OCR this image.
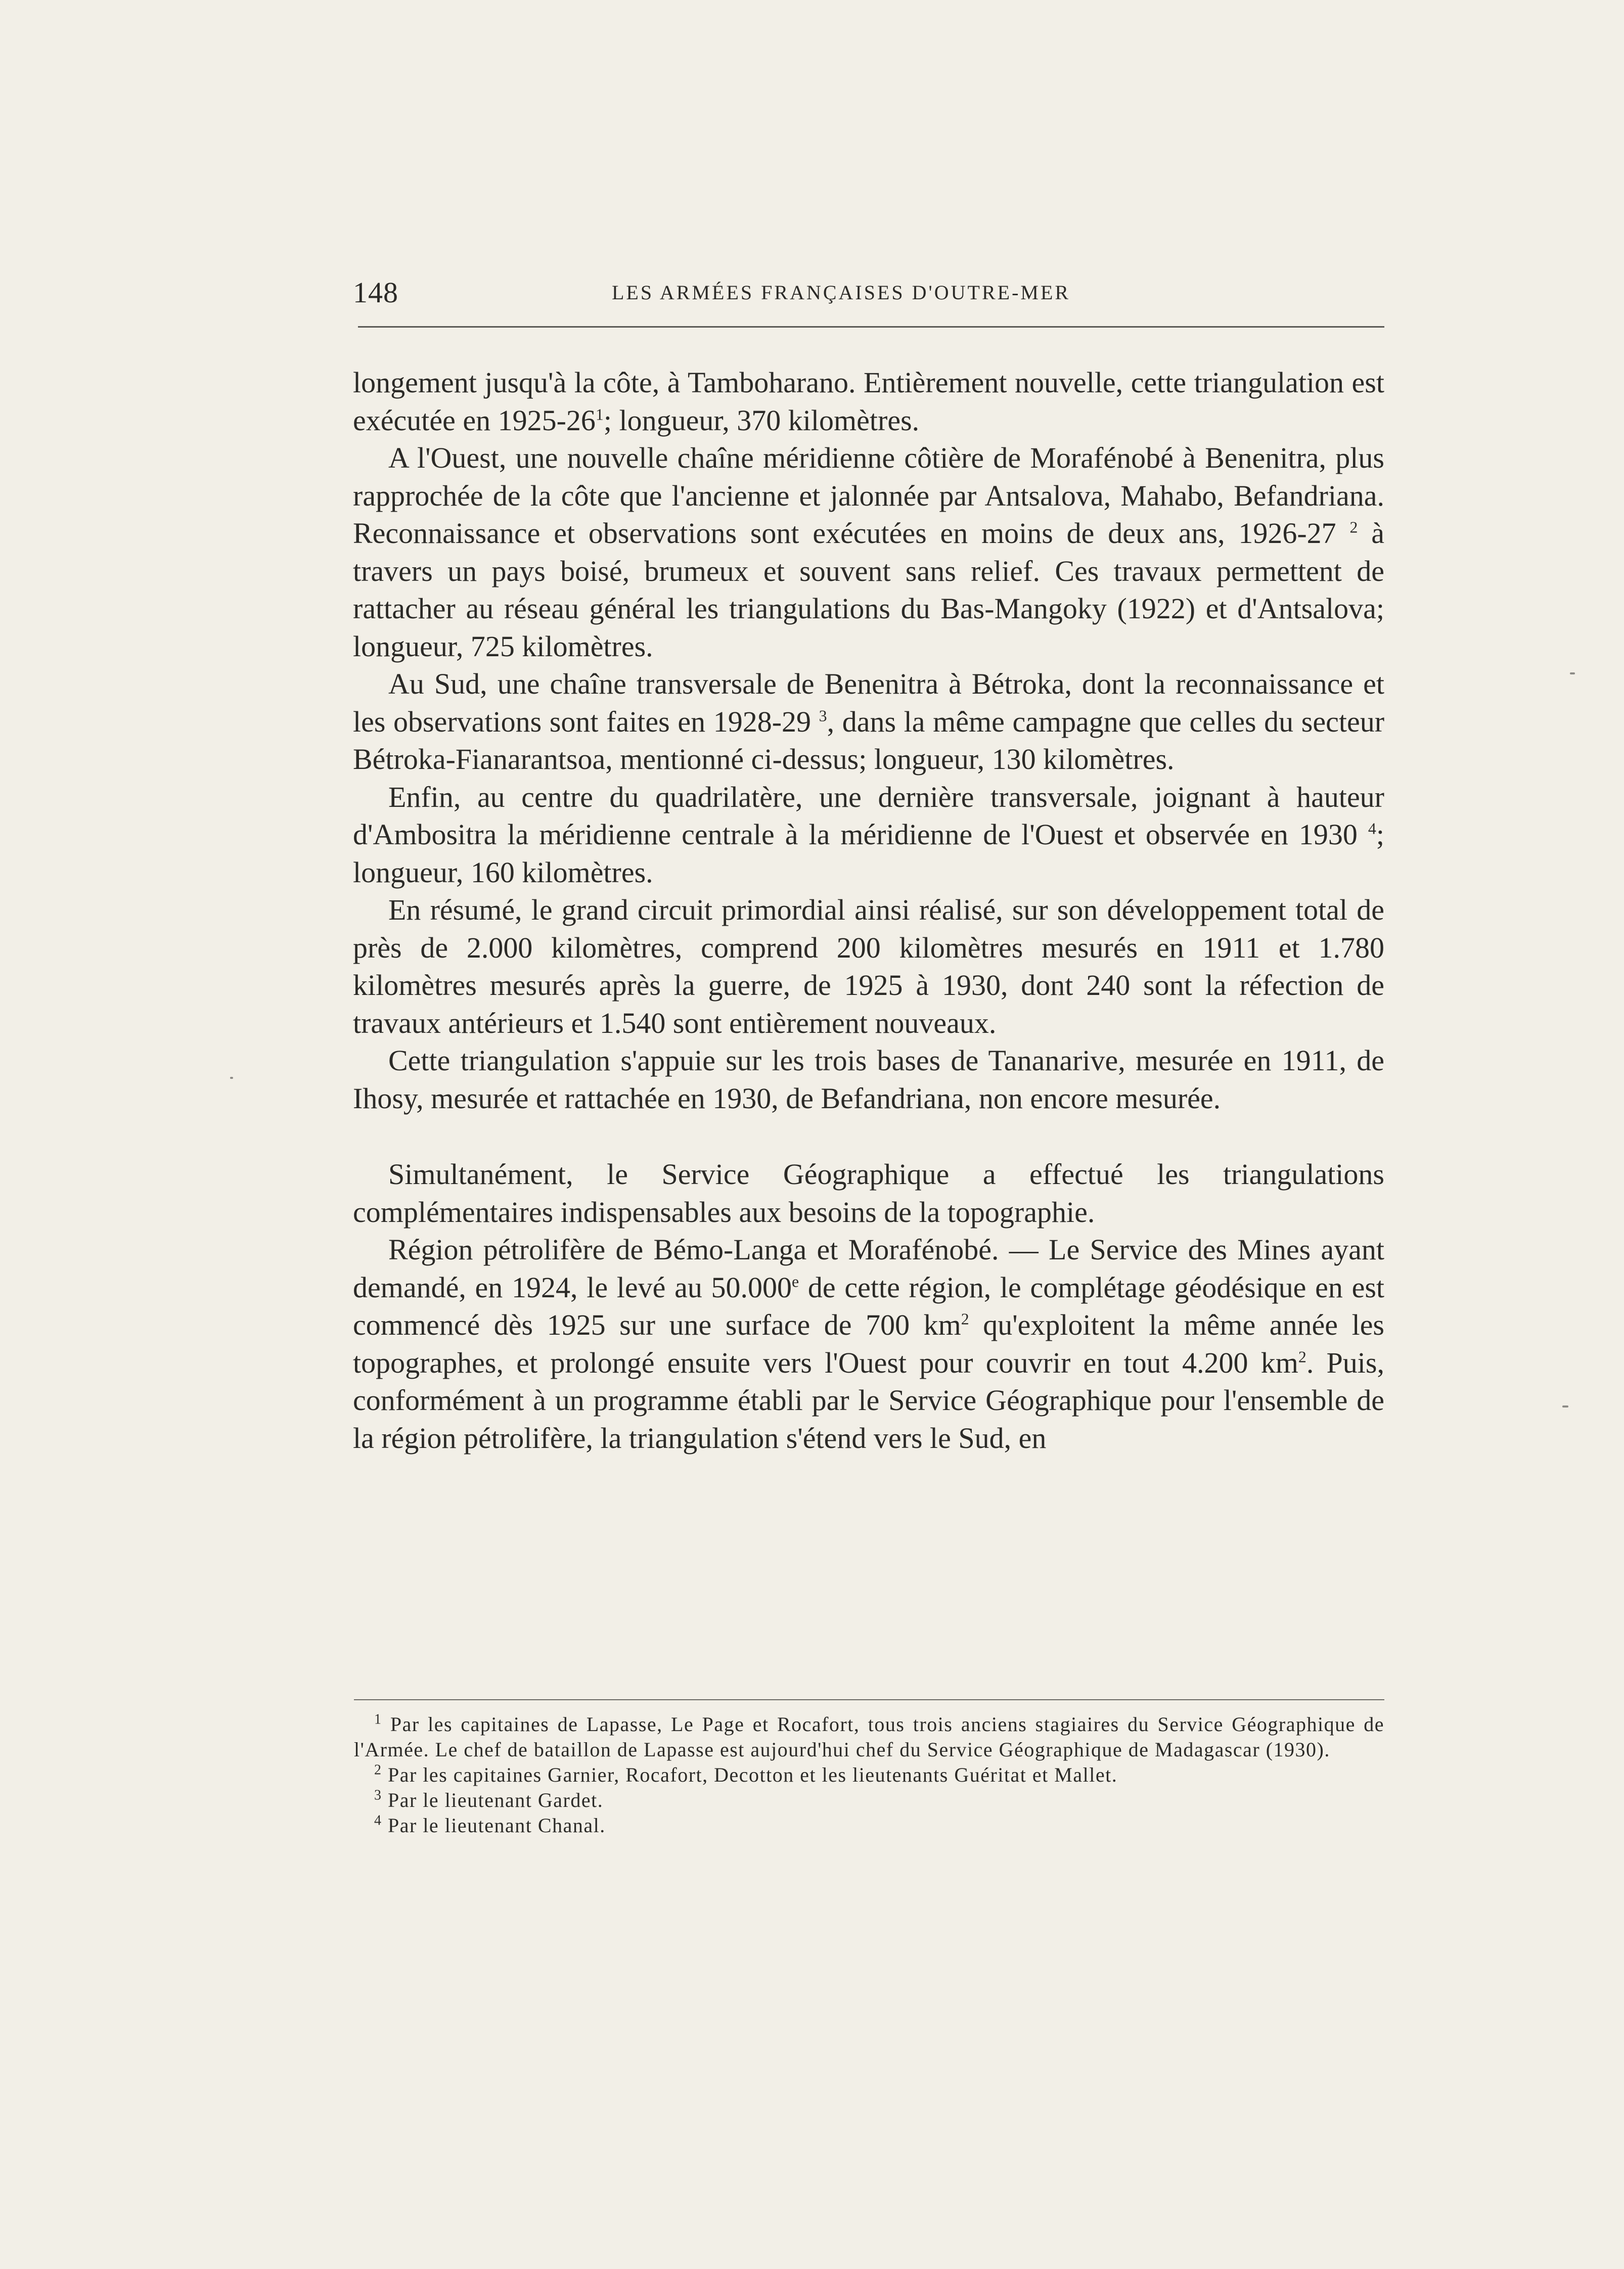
148	LES ARMÉES FRANÇAISES D'OUTRE-MER

longement jusqu'à la côte, à Tamboharano. Entièrement nouvelle, cette triangulation est exécutée en $1925-26^1$; longueur, 370 kilomètres.

A l'Ouest, une nouvelle chaîne méridienne côtière de Morafénobé à Benenitra, plus rapprochée de la côte que l'ancienne et jalonnée par Antsalova, Mahabo, Befandriana. Reconnaissance et observations sont exécutées en moins de deux ans, 1926-27 $^2$ à travers un pays boisé, brumeux et souvent sans relief. Ces travaux permettent de rattacher au réseau général les triangulations du Bas-Mangoky (1922) et d'Antsalova; longueur, 725 kilomètres.

Au Sud, une chaîne transversale de Benenitra à Bétroka, dont la reconnaissance et les observations sont faites en 1928-29 $^3$, dans la même campagne que celles du secteur Bétroka-Fianarantsoa, mentionné ci-dessus; longueur, 130 kilomètres.

Enfin, au centre du quadrilatère, une dernière transversale, joignant à hauteur d'Ambositra la méridienne centrale à la méridienne de l'Ouest et observée en 1930 $^4$; longueur, 160 kilomètres.

En résumé, le grand circuit primordial ainsi réalisé, sur son développement total de près de 2.000 kilomètres, comprend 200 kilomètres mesurés en 1911 et 1.780 kilomètres mesurés après la guerre, de 1925 à 1930, dont 240 sont la réfection de travaux antérieurs et 1.540 sont entièrement nouveaux.

Cette triangulation s'appuie sur les trois bases de Tananarive, mesurée en 1911, de Ihosy, mesurée et rattachée en 1930, de Befandriana, non encore mesurée.

Simultanément, le Service Géographique a effectué les triangulations complémentaires indispensables aux besoins de la topographie.

Région pétrolifère de Bémo-Langa et Morafénobé. — Le Service des Mines ayant demandé, en 1924, le levé au 50.000e de cette région, le complétage géodésique en est commencé dès 1925 sur une surface de 700 $km^2$ qu'exploitent la même année les topographes, et prolongé ensuite vers l'Ouest pour couvrir en tout 4.200 $km^2$. Puis, conformément à un programme établi par le Service Géographique pour l'ensemble de la région pétrolifère, la triangulation s'étend vers le Sud, en

$^1$ Par les capitaines de Lapasse, Le Page et Rocafort, tous trois anciens stagiaires du Service Géographique de l'Armée. Le chef de bataillon de Lapasse est aujourd'hui chef du Service Géographique de Madagascar (1930).

$^2$ Par les capitaines Garnier, Rocafort, Decotton et les lieutenants Guéritat et Mallet.

$^3$ Par le lieutenant Gardet.

$^4$ Par le lieutenant Chanal.
